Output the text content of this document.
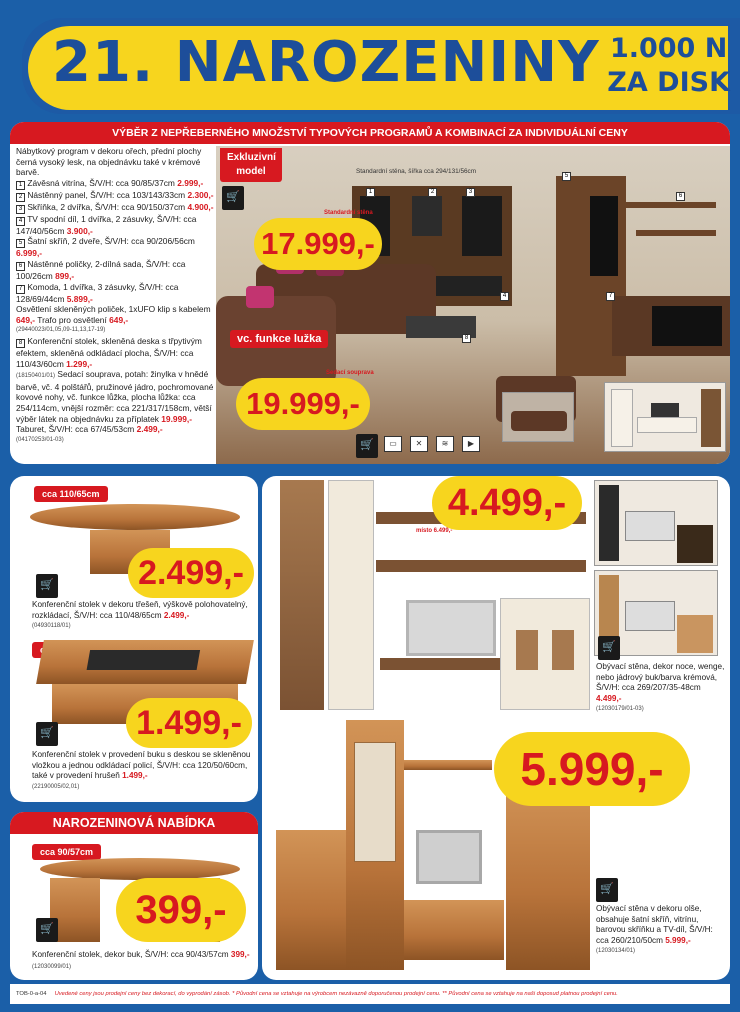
21. NAROZENINY 1.000 N
ZA DISK
VÝBĚR Z NEPŘEBERNÉHO MNOŽSTVÍ TYPOVÝCH PROGRAMŮ A KOMBINACÍ ZA INDIVIDUÁLNÍ CENY
Nábytkový program v dekoru ořech, přední plochy černá vysoký lesk, na objednávku také v krémové barvě.
1 Závěsná vitrína, Š/V/H: cca 90/85/37cm 2.999,-
2 Nástěnný panel, Š/V/H: cca 103/143/33cm 2.300,-
3 Skříňka, 2 dvířka, Š/V/H: cca 90/150/37cm 4.900,-
4 TV spodní díl, 1 dvířka, 2 zásuvky, Š/V/H: cca 147/40/56cm 3.900,-
5 Šatní skříň, 2 dveře, Š/V/H: cca 90/206/56cm 6.999,-
6 Nástěnné poličky, 2-dílná sada, Š/V/H: cca 100/26cm 899,-
7 Komoda, 1 dvířka, 3 zásuvky, Š/V/H: cca 128/69/44cm 5.899,-
Osvětlení skleněných poliček, 1xUFO klip s kabelem 649,- Trafo pro osvětlení 649,-
(29440023/01,05,09-11,13,17-19)
8 Konferenční stolek, skleněná deska s třpytivým efektem, skleněná odkládací plocha, Š/V/H: cca 110/43/60cm 1.299,-
(18150401/01) Sedací souprava, potah: žinylka v hnědé barvě, vč. 4 polštářů, pružinové jádro, pochromované kovové nohy, vč. funkce lůžka, plocha lůžka: cca 254/114cm, vnější rozměr: cca 221/317/158cm, větší výběr látek na objednávku za příplatek 19.999,-
Taburet, Š/V/H: cca 67/45/53cm 2.499,-
(04170253/01-03)
Exkluzivní
model
🛒
Standardní stěna, šířka cca 294/131/56cm
Standardní stěna
17.999,-
vc. funkce lužka
Sedací souprava
19.999,-
🛒	▭	✕	≋	▶
1	2	3
4
5
6
7
8
cca 110/65cm
🛒 2.499,-
Konferenční stolek v dekoru třešeň, výškově polohovatelný, rozkládací, Š/V/H: cca 110/48/65cm 2.499,-
(04930118/01)
🛒 1.499,-
Konferenční stolek v provedení buku s deskou se skleněnou vložkou a jednou odkládací policí, Š/V/H: cca 120/50/60cm, také v provedení hrušeň 1.499,-
(22190005/02,01)
4.499,-
místo 6.499,-
🛒
Obývací stěna, dekor noce, wenge, nebo jádrový buk/barva krémová, Š/V/H: cca 269/207/35-48cm 4.499,-
(12030179/01-03)
5.999,-
🛒
Obývací stěna v dekoru olše, obsahuje šatní skříň, vitrínu, barovou skříňku a TV-díl, Š/V/H: cca 260/210/50cm 5.999,-
(12030134/01)
NAROZENINOVÁ NABÍDKA
cca 90/57cm
🛒	399,-
Konferenční stolek, dekor buk, Š/V/H: cca 90/43/57cm 399,- (12030099/01)
TOB-0-a-04 Uvedené ceny jsou prodejní ceny bez dekorací, do vyprodání zásob. * Původní cena se vztahuje na výrobcem nezávazně doporučenou prodejní cenu. ** Původní cena se vztahuje na naši doposud platnou prodejní cenu.
